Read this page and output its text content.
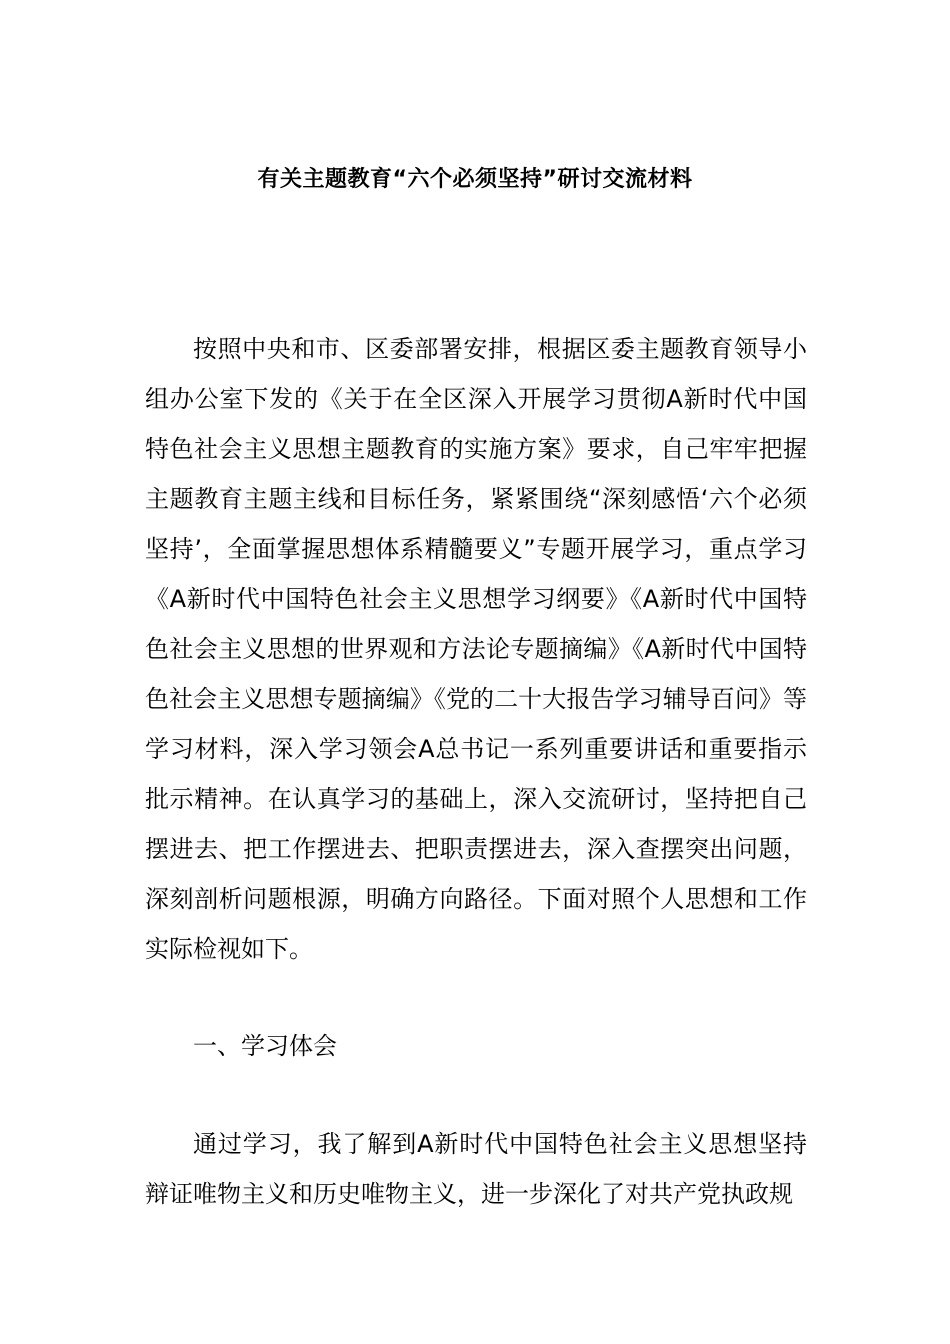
有关主题教育“六个必须坚持”研讨交流材料

按照中央和市、区委部署安排，根据区委主题教育领导小组办公室下发的《关于在全区深入开展学习贯彻A新时代中国特色社会主义思想主题教育的实施方案》要求，自己牢牢把握主题教育主题主线和目标任务，紧紧围绕“深刻感悟‘六个必须坚持’，全面掌握思想体系精髓要义”专题开展学习，重点学习《A新时代中国特色社会主义思想学习纲要》《A新时代中国特色社会主义思想的世界观和方法论专题摘编》《A新时代中国特色社会主义思想专题摘编》《党的二十大报告学习辅导百问》等学习材料，深入学习领会A总书记一系列重要讲话和重要指示批示精神。在认真学习的基础上，深入交流研讨，坚持把自己摆进去、把工作摆进去、把职责摆进去，深入查摆突出问题，深刻剖析问题根源，明确方向路径。下面对照个人思想和工作实际检视如下。

一、学习体会

通过学习，我了解到A新时代中国特色社会主义思想坚持辩证唯物主义和历史唯物主义，进一步深化了对共产党执政规
